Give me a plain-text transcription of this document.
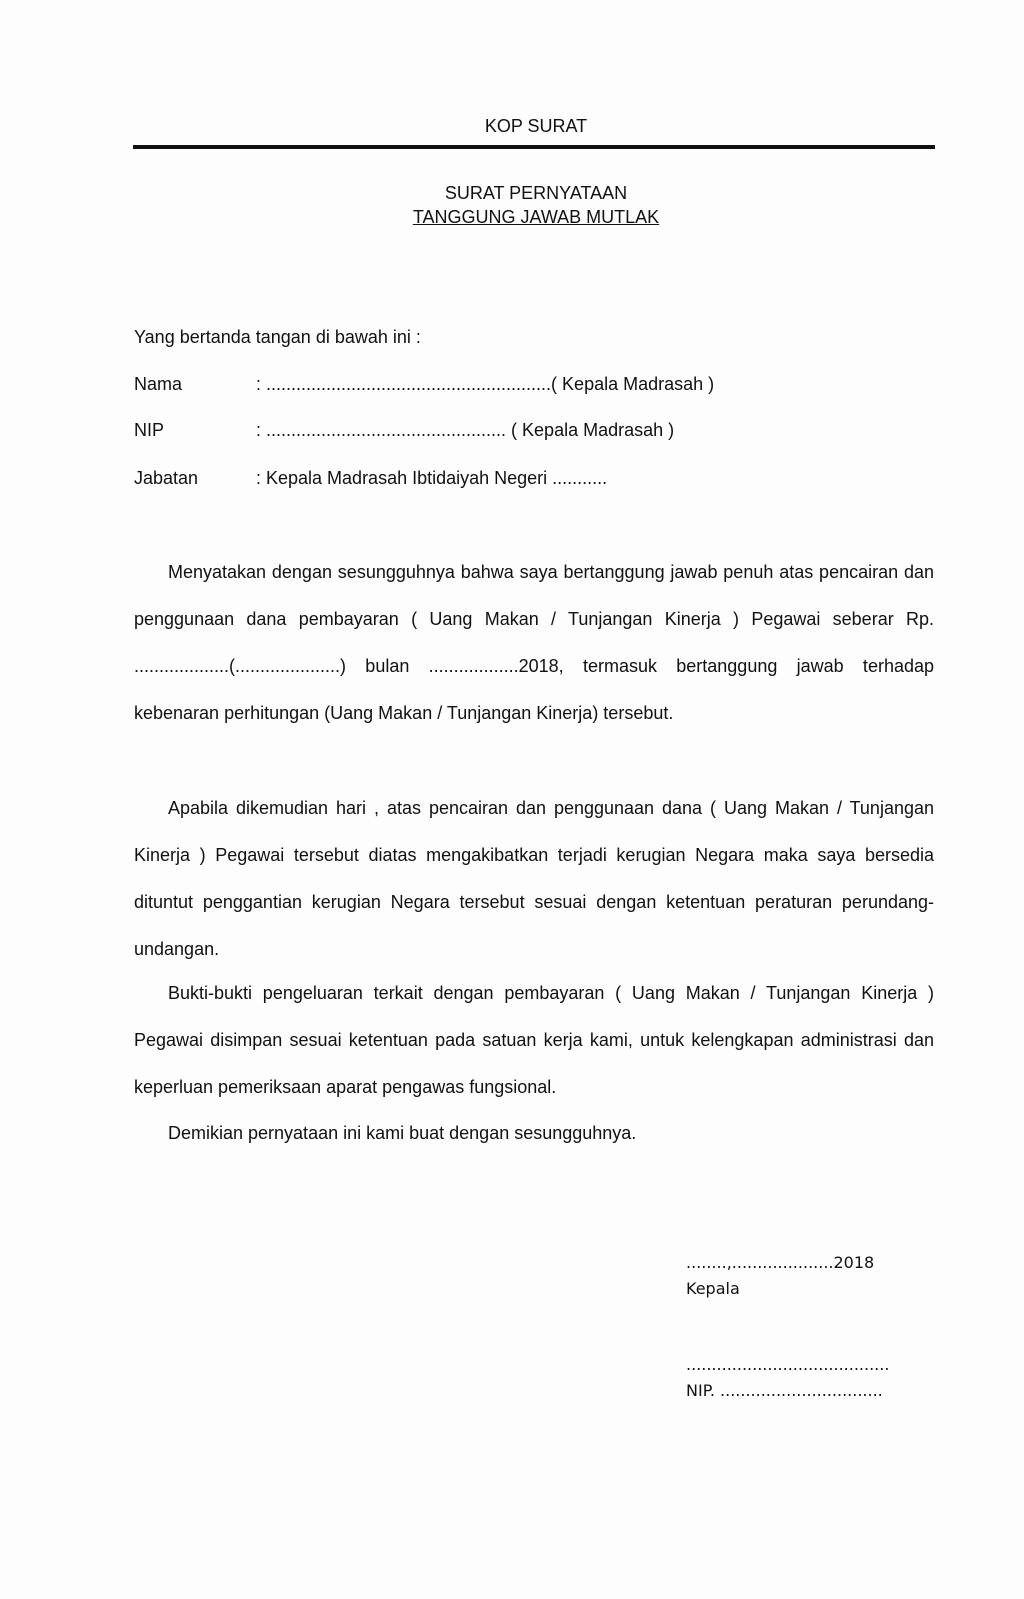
KOP SURAT
SURAT PERNYATAAN
TANGGUNG JAWAB MUTLAK
Yang bertanda tangan di bawah ini :
Nama	: .........................................................( Kepala Madrasah )
NIP	: ................................................ ( Kepala Madrasah )
Jabatan	: Kepala Madrasah Ibtidaiyah Negeri ...........
Menyatakan dengan sesungguhnya bahwa saya bertanggung jawab penuh atas pencairan dan penggunaan dana pembayaran ( Uang Makan / Tunjangan Kinerja ) Pegawai seberar Rp. ...................(.....................) bulan ..................2018, termasuk bertanggung jawab terhadap kebenaran perhitungan (Uang Makan / Tunjangan Kinerja) tersebut.
Apabila dikemudian hari , atas pencairan dan penggunaan dana ( Uang Makan / Tunjangan Kinerja ) Pegawai tersebut diatas mengakibatkan terjadi kerugian Negara maka saya bersedia dituntut penggantian kerugian Negara tersebut sesuai dengan ketentuan peraturan perundang-undangan.
Bukti-bukti pengeluaran terkait dengan pembayaran ( Uang Makan / Tunjangan Kinerja ) Pegawai disimpan sesuai ketentuan pada satuan kerja kami, untuk kelengkapan administrasi dan keperluan pemeriksaan aparat pengawas fungsional.
Demikian pernyataan ini kami buat dengan sesungguhnya.
........,....................2018
Kepala
........................................
NIP. ................................
